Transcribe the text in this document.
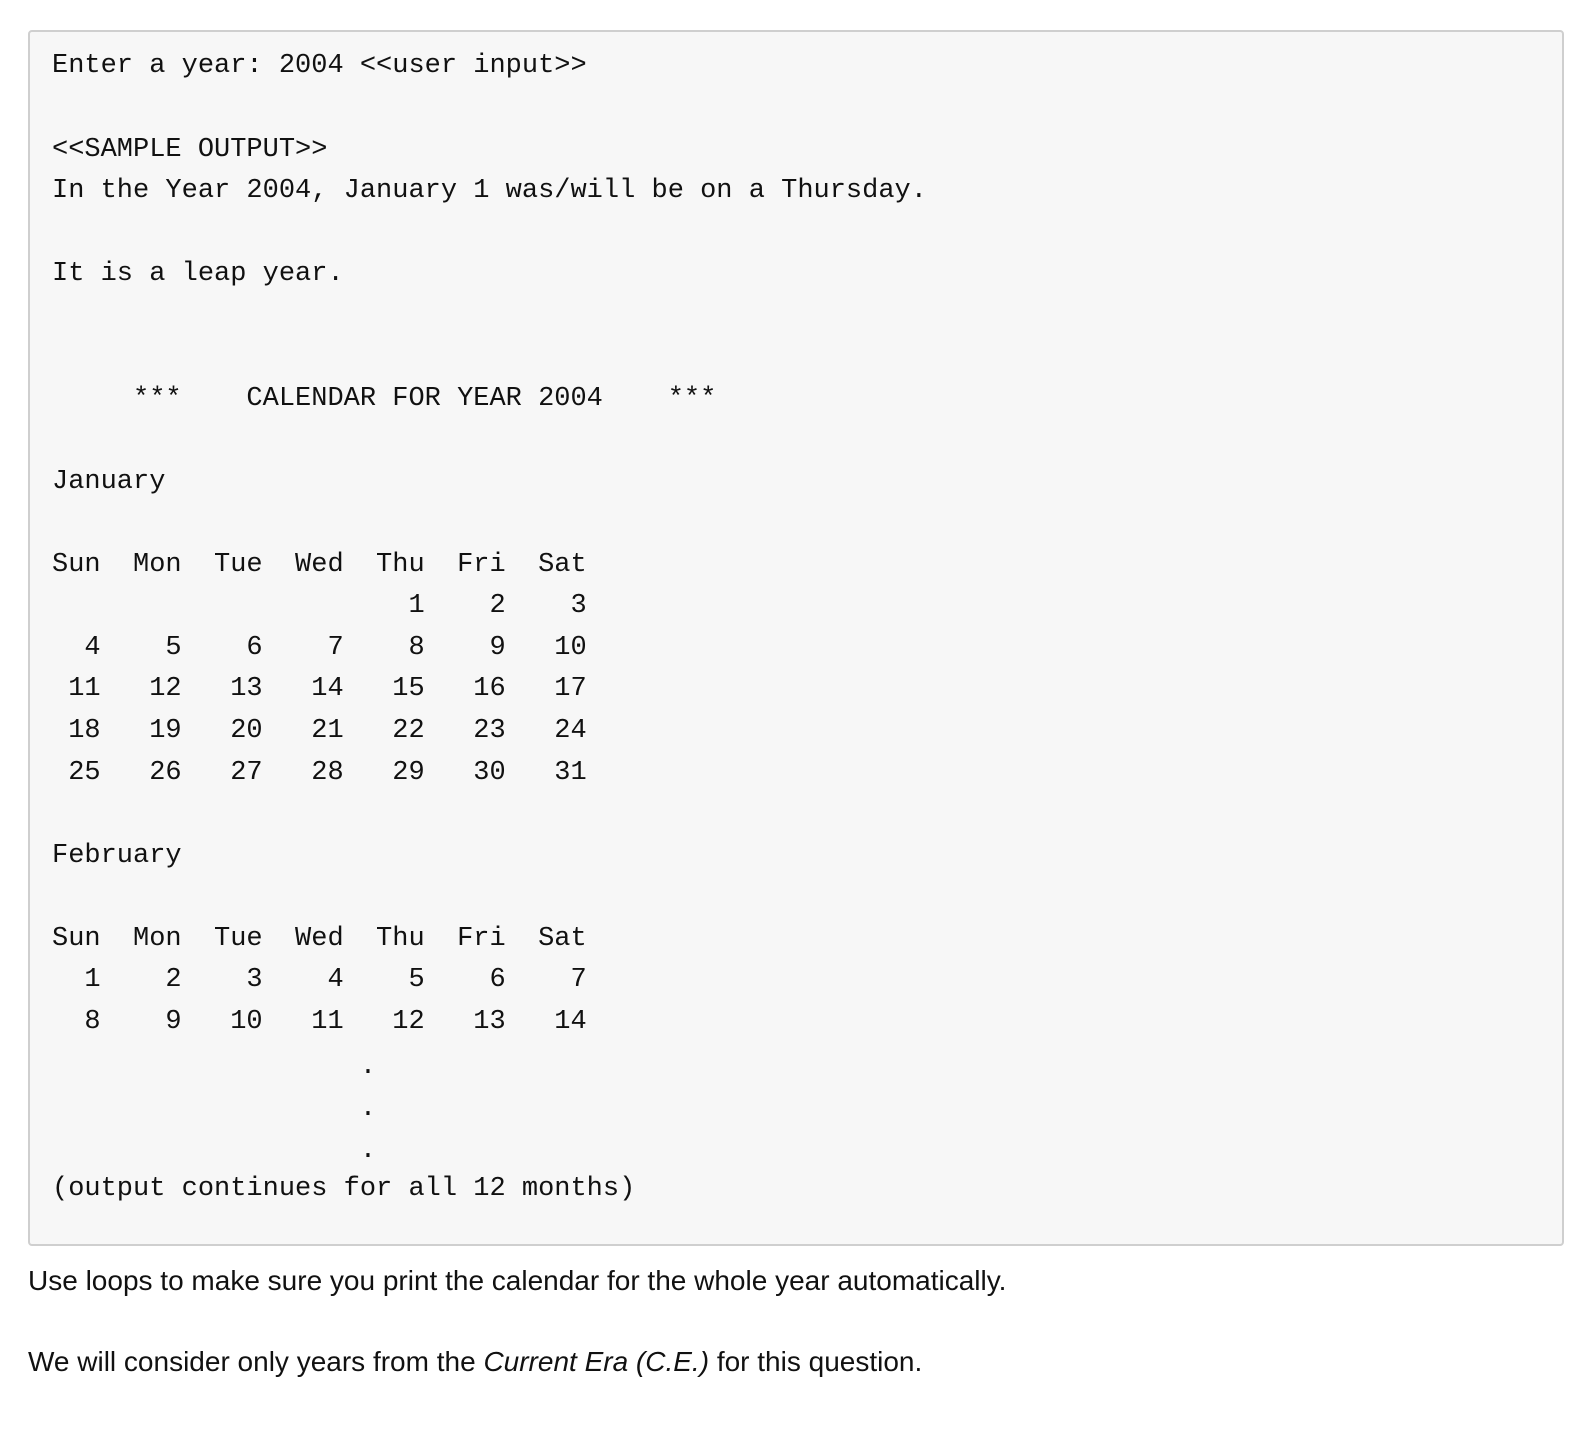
Enter a year: 2004 <<user input>>
<<SAMPLE OUTPUT>>
In the Year 2004, January 1 was/will be on a Thursday.
It is a leap year.
***    CALENDAR FOR YEAR 2004    ***
January
Sun  Mon  Tue  Wed  Thu  Fri  Sat
1    2    3
4    5    6    7    8    9   10
11   12   13   14   15   16   17
18   19   20   21   22   23   24
25   26   27   28   29   30   31
February
Sun  Mon  Tue  Wed  Thu  Fri  Sat
1    2    3    4    5    6    7
8    9   10   11   12   13   14
.
.
.
(output continues for all 12 months)
Use loops to make sure you print the calendar for the whole year automatically.
We will consider only years from the Current Era (C.E.) for this question.
